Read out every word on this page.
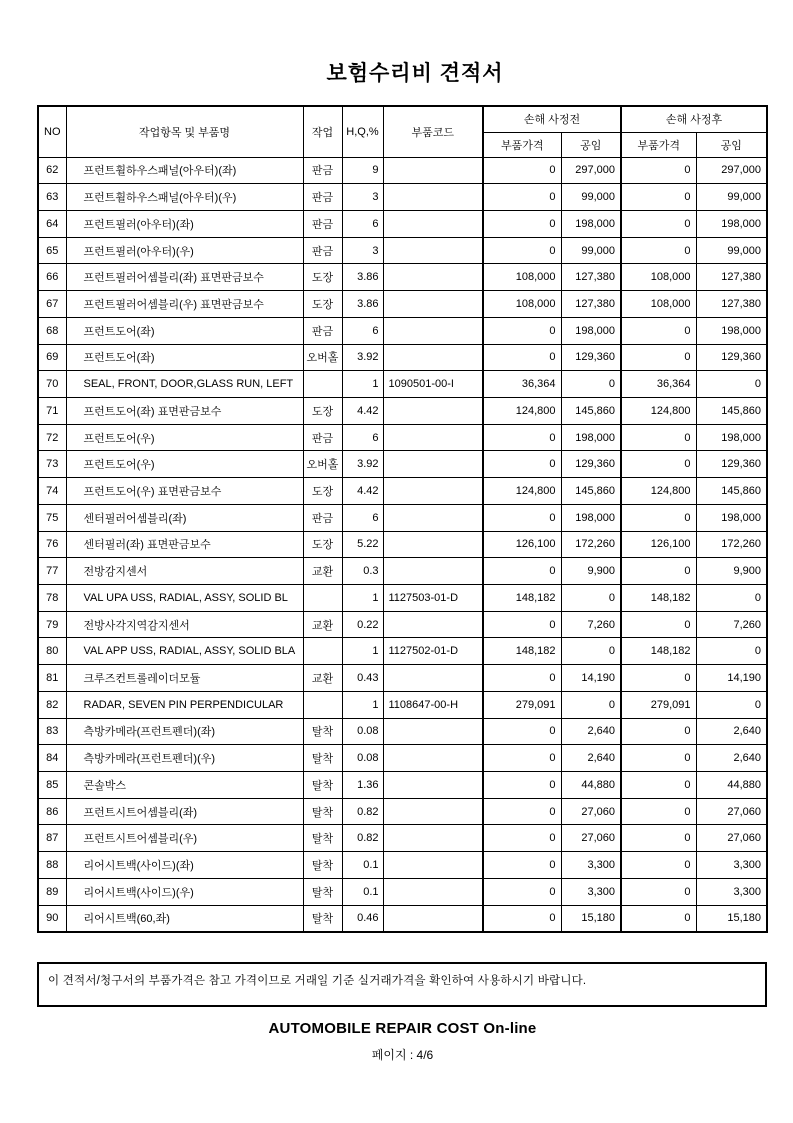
보험수리비 견적서
NO	작업항목 및 부품명	작업	H,Q,%	부품코드	손해 사정전		손해 사정후	
					부품가격	공임	부품가격	공임
62	프런트휠하우스패널(아우터)(좌)	판금	9		0	297,000	0	297,000
63	프런트휠하우스패널(아우터)(우)	판금	3		0	99,000	0	99,000
64	프런트필러(아우터)(좌)	판금	6		0	198,000	0	198,000
65	프런트필러(아우터)(우)	판금	3		0	99,000	0	99,000
66	프런트필러어셈블리(좌) 표면판금보수	도장	3.86		108,000	127,380	108,000	127,380
67	프런트필러어셈블리(우) 표면판금보수	도장	3.86		108,000	127,380	108,000	127,380
68	프런트도어(좌)	판금	6		0	198,000	0	198,000
69	프런트도어(좌)	오버홀	3.92		0	129,360	0	129,360
70	SEAL, FRONT, DOOR,GLASS RUN, LEFT		1	1090501-00-I	36,364	0	36,364	0
71	프런트도어(좌) 표면판금보수	도장	4.42		124,800	145,860	124,800	145,860
72	프런트도어(우)	판금	6		0	198,000	0	198,000
73	프런트도어(우)	오버홀	3.92		0	129,360	0	129,360
74	프런트도어(우) 표면판금보수	도장	4.42		124,800	145,860	124,800	145,860
75	센터필러어셈블리(좌)	판금	6		0	198,000	0	198,000
76	센터필러(좌) 표면판금보수	도장	5.22		126,100	172,260	126,100	172,260
77	전방감지센서	교환	0.3		0	9,900	0	9,900
78	VAL UPA USS, RADIAL, ASSY, SOLID BL		1	1127503-01-D	148,182	0	148,182	0
79	전방사각지역감지센서	교환	0.22		0	7,260	0	7,260
80	VAL APP USS, RADIAL, ASSY, SOLID BLA		1	1127502-01-D	148,182	0	148,182	0
81	크루즈컨트롤레이더모듈	교환	0.43		0	14,190	0	14,190
82	RADAR, SEVEN PIN PERPENDICULAR		1	1108647-00-H	279,091	0	279,091	0
83	측방카메라(프런트펜더)(좌)	탈착	0.08		0	2,640	0	2,640
84	측방카메라(프런트펜더)(우)	탈착	0.08		0	2,640	0	2,640
85	콘솔박스	탈착	1.36		0	44,880	0	44,880
86	프런트시트어셈블리(좌)	탈착	0.82		0	27,060	0	27,060
87	프런트시트어셈블리(우)	탈착	0.82		0	27,060	0	27,060
88	리어시트백(사이드)(좌)	탈착	0.1		0	3,300	0	3,300
89	리어시트백(사이드)(우)	탈착	0.1		0	3,300	0	3,300
90	리어시트백(60,좌)	탈착	0.46		0	15,180	0	15,180
이 견적서/청구서의 부품가격은 참고 가격이므로 거래일 기준 실거래가격을 확인하여 사용하시기 바랍니다.
AUTOMOBILE REPAIR COST On-line
페이지 : 4/6
